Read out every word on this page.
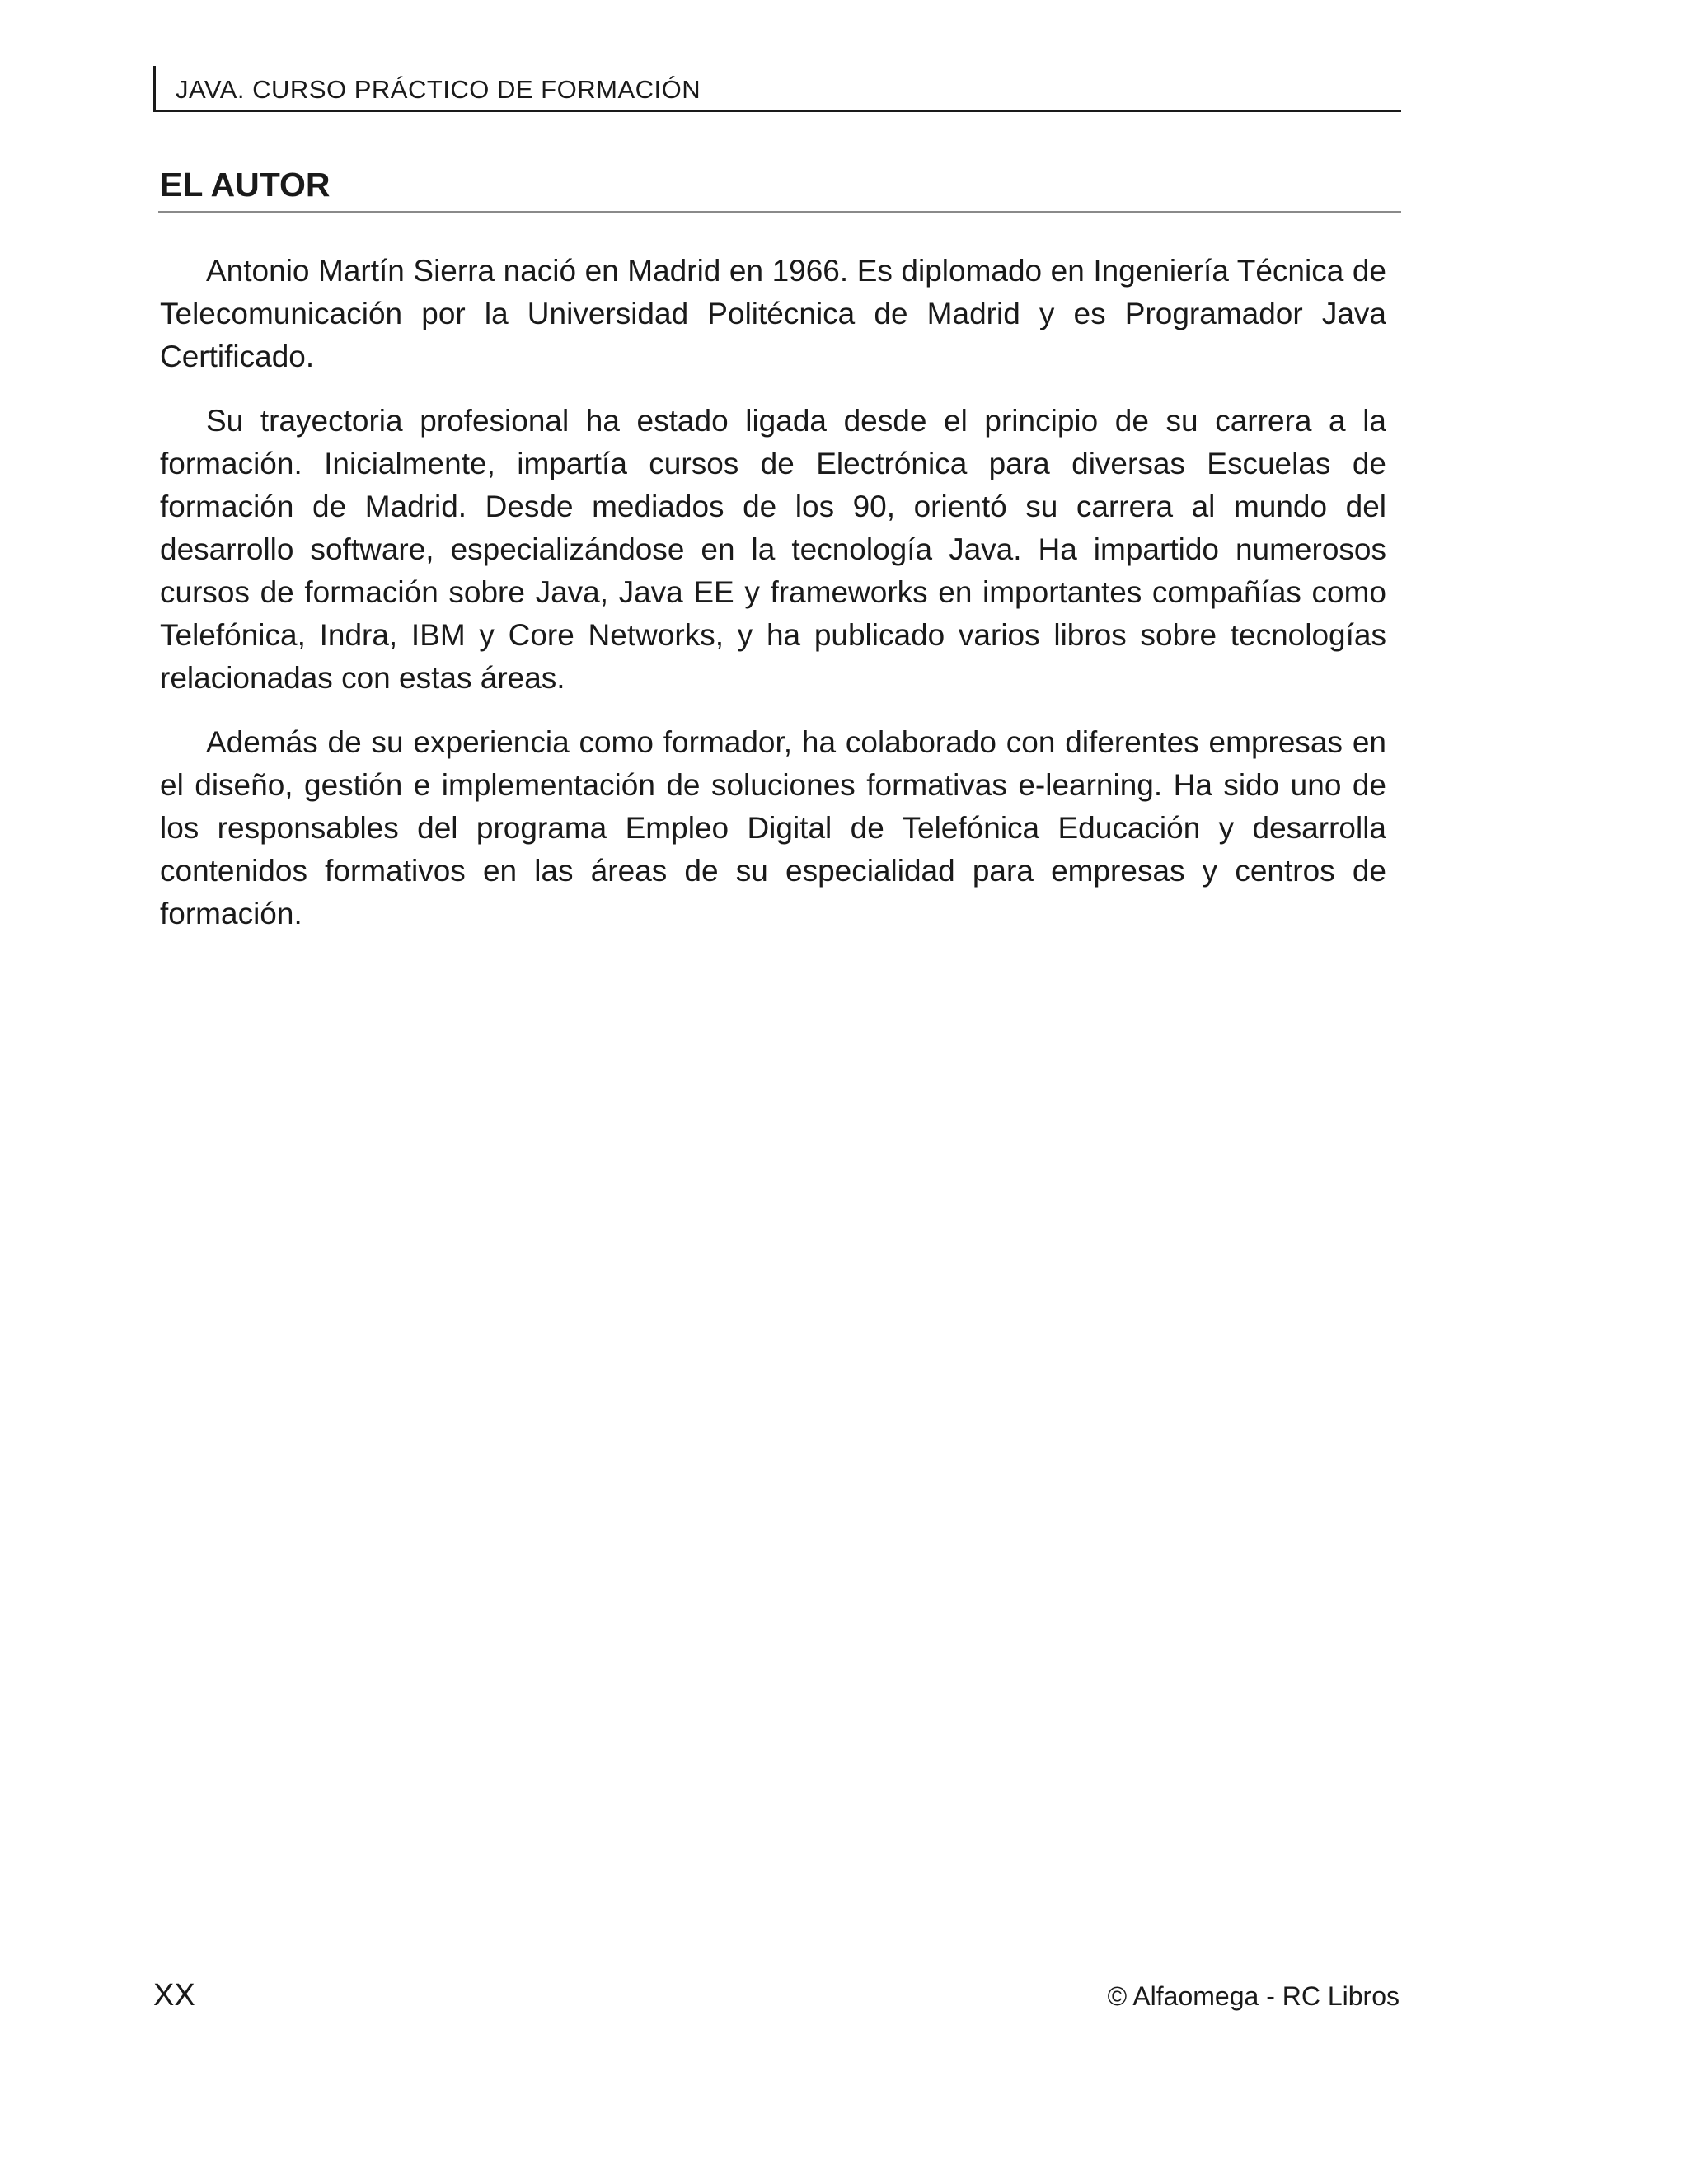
JAVA. CURSO PRÁCTICO DE FORMACIÓN
EL AUTOR

Antonio Martín Sierra nació en Madrid en 1966. Es diplomado en Ingeniería Técnica de Telecomunicación por la Universidad Politécnica de Madrid y es Programador Java Certificado.

Su trayectoria profesional ha estado ligada desde el principio de su carrera a la formación. Inicialmente, impartía cursos de Electrónica para diversas Escuelas de formación de Madrid. Desde mediados de los 90, orientó su carrera al mundo del desarrollo software, especializándose en la tecnología Java. Ha impartido numerosos cursos de formación sobre Java, Java EE y frameworks en importantes compañías como Telefónica, Indra, IBM y Core Networks, y ha publicado varios libros sobre tecnologías relacionadas con estas áreas.

Además de su experiencia como formador, ha colaborado con diferentes empresas en el diseño, gestión e implementación de soluciones formativas e-learning. Ha sido uno de los responsables del programa Empleo Digital de Telefónica Educación y desarrolla contenidos formativos en las áreas de su especialidad para empresas y centros de formación.

XX	© Alfaomega - RC Libros
